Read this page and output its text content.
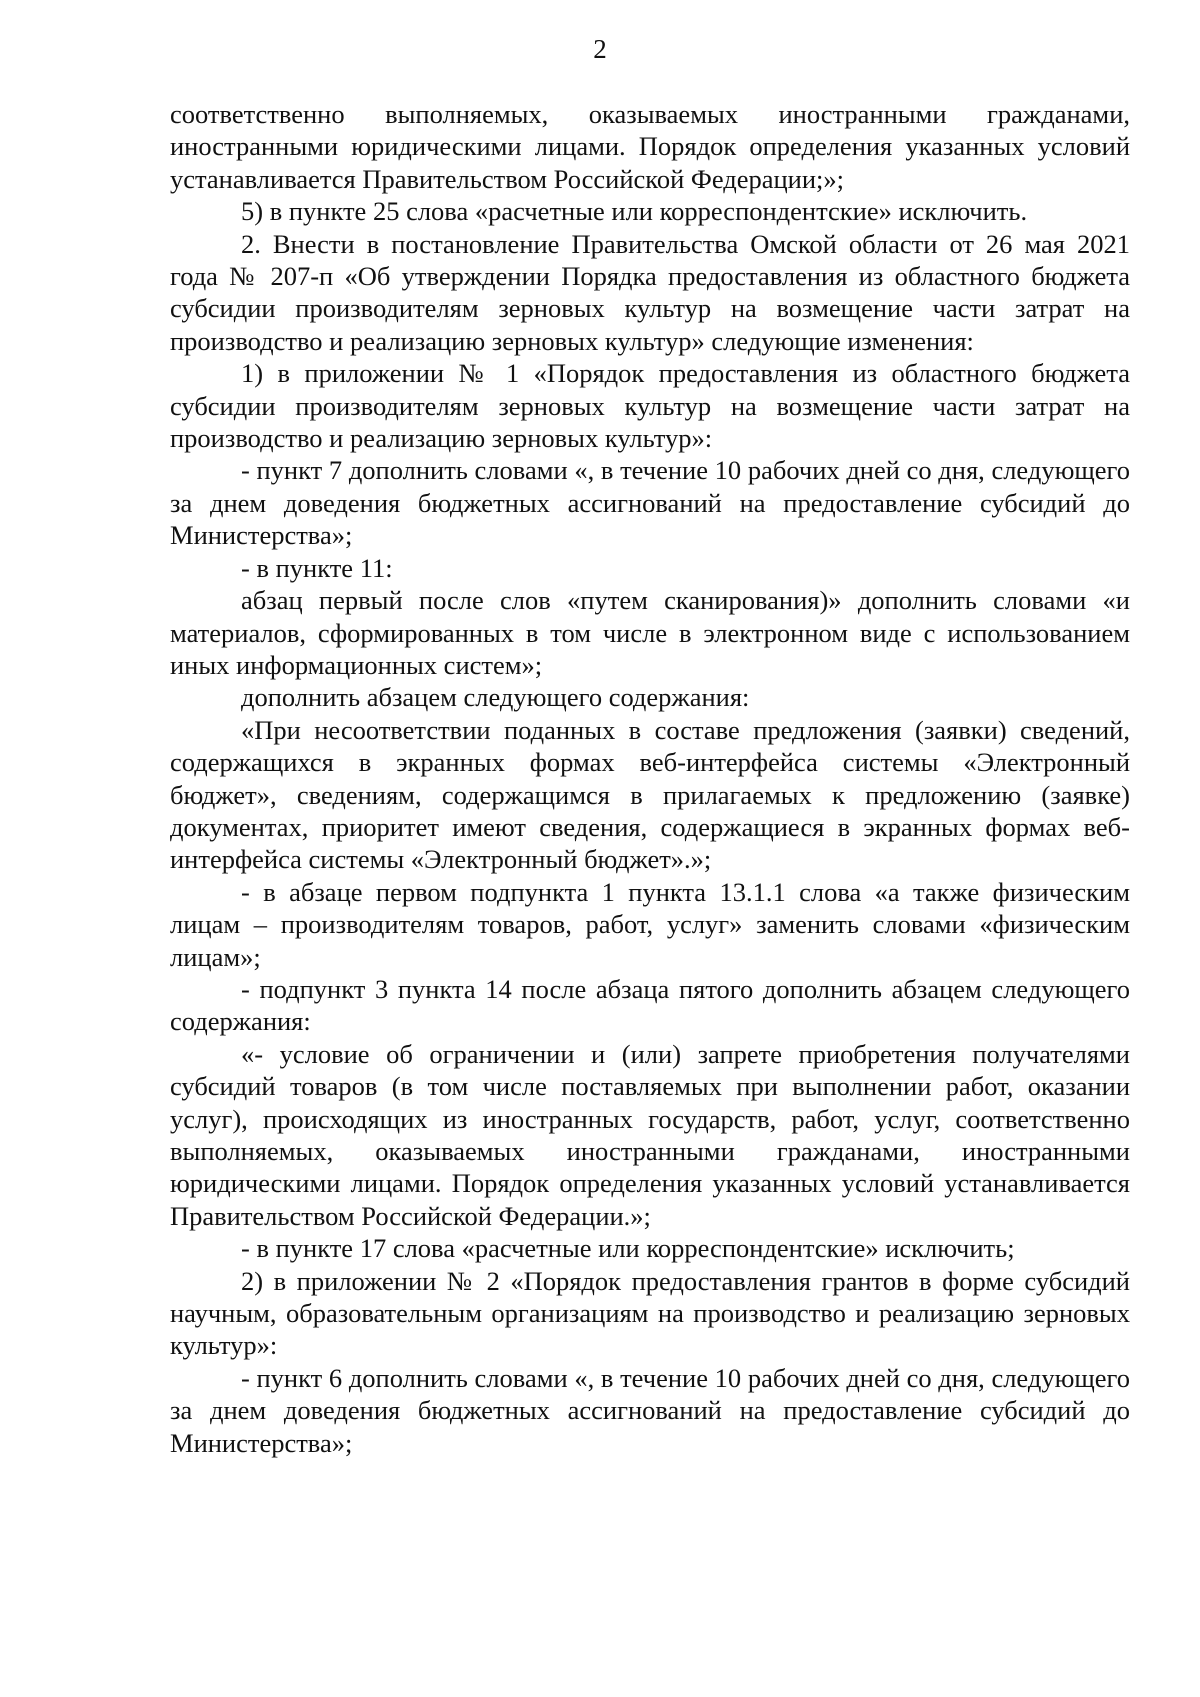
2

соответственно выполняемых, оказываемых иностранными гражданами, иностранными юридическими лицами. Порядок определения указанных условий устанавливается Правительством Российской Федерации;»;

5) в пункте 25 слова «расчетные или корреспондентские» исключить.

2. Внести в постановление Правительства Омской области от 26 мая 2021 года № 207-п «Об утверждении Порядка предоставления из областного бюджета субсидии производителям зерновых культур на возмещение части затрат на производство и реализацию зерновых культур» следующие изменения:

1) в приложении № 1 «Порядок предоставления из областного бюджета субсидии производителям зерновых культур на возмещение части затрат на производство и реализацию зерновых культур»:

- пункт 7 дополнить словами «, в течение 10 рабочих дней со дня, следующего за днем доведения бюджетных ассигнований на предоставление субсидий до Министерства»;

- в пункте 11:

абзац первый после слов «путем сканирования)» дополнить словами «и материалов, сформированных в том числе в электронном виде с использованием иных информационных систем»;

дополнить абзацем следующего содержания:

«При несоответствии поданных в составе предложения (заявки) сведений, содержащихся в экранных формах веб-интерфейса системы «Электронный бюджет», сведениям, содержащимся в прилагаемых к предложению (заявке) документах, приоритет имеют сведения, содержащиеся в экранных формах веб-интерфейса системы «Электронный бюджет».»;

- в абзаце первом подпункта 1 пункта 13.1.1 слова «а также физическим лицам – производителям товаров, работ, услуг» заменить словами «физическим лицам»;

- подпункт 3 пункта 14 после абзаца пятого дополнить абзацем следующего содержания:

«- условие об ограничении и (или) запрете приобретения получателями субсидий товаров (в том числе поставляемых при выполнении работ, оказании услуг), происходящих из иностранных государств, работ, услуг, соответственно выполняемых, оказываемых иностранными гражданами, иностранными юридическими лицами. Порядок определения указанных условий устанавливается Правительством Российской Федерации.»;

- в пункте 17 слова «расчетные или корреспондентские» исключить;

2) в приложении № 2 «Порядок предоставления грантов в форме субсидий научным, образовательным организациям на производство и реализацию зерновых культур»:

- пункт 6 дополнить словами «, в течение 10 рабочих дней со дня, следующего за днем доведения бюджетных ассигнований на предоставление субсидий до Министерства»;
